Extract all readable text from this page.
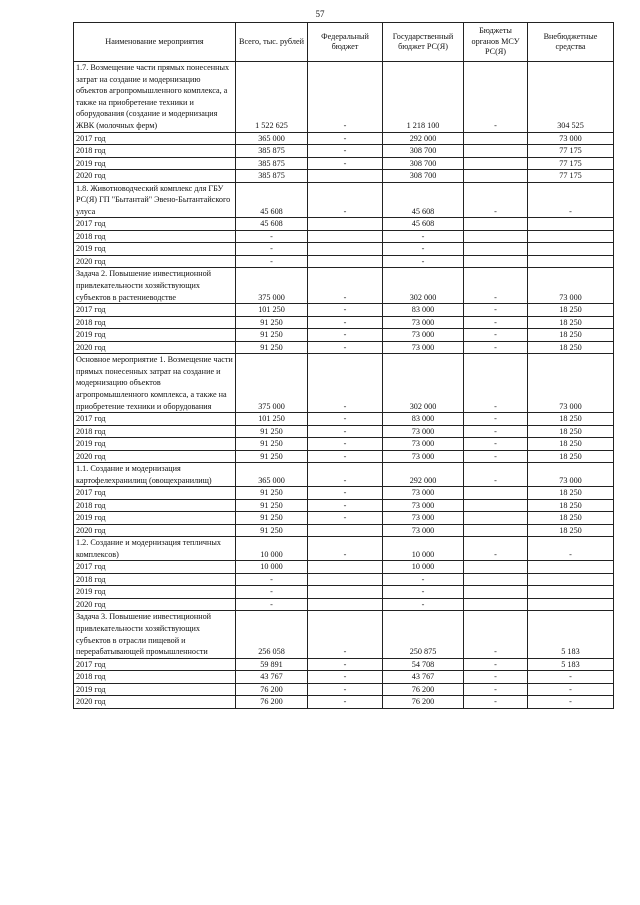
57
Наименование мероприятия	Всего, тыс. рублей	Федеральный бюджет	Государственный бюджет РС(Я)	Бюджеты органов МСУ РС(Я)	Внебюджетные средства
1.7. Возмещение части прямых понесенных затрат на создание и модернизацию объектов агропромышленного комплекса, а также на приобретение техники и оборудования (создание и модернизация ЖВК (молочных ферм)	1 522 625	-	1 218 100	-	304 525
2017 год	365 000	-	292 000		73 000
2018 год	385 875	-	308 700		77 175
2019 год	385 875	-	308 700		77 175
2020 год	385 875		308 700		77 175
1.8. Животноводческий комплекс для ГБУ РС(Я) ГП "Бытантай" Эвено-Бытантайского улуса	45 608	-	45 608	-	-
2017 год	45 608		45 608		
2018 год	-		-		
2019 год	-		-		
2020 год	-		-		
Задача 2. Повышение инвестиционной привлекательности хозяйствующих субъектов в растениеводстве	375 000	-	302 000	-	73 000
2017 год	101 250	-	83 000	-	18 250
2018 год	91 250	-	73 000	-	18 250
2019 год	91 250	-	73 000	-	18 250
2020 год	91 250	-	73 000	-	18 250
Основное мероприятие 1. Возмещение части прямых понесенных затрат на создание и модернизацию объектов агропромышленного комплекса, а также на приобретение техники и оборудования	375 000	-	302 000	-	73 000
2017 год	101 250	-	83 000	-	18 250
2018 год	91 250	-	73 000	-	18 250
2019 год	91 250	-	73 000	-	18 250
2020 год	91 250	-	73 000	-	18 250
1.1. Создание и модернизация картофелехранилищ (овощехранилищ)	365 000	-	292 000	-	73 000
2017 год	91 250	-	73 000		18 250
2018 год	91 250	-	73 000		18 250
2019 год	91 250	-	73 000		18 250
2020 год	91 250		73 000		18 250
1.2. Создание и модернизация тепличных комплексов)	10 000	-	10 000	-	-
2017 год	10 000		10 000		
2018 год	-		-		
2019 год	-		-		
2020 год	-		-		
Задача 3. Повышение инвестиционной привлекательности хозяйствующих субъектов в отрасли пищевой и перерабатывающей промышленности	256 058	-	250 875	-	5 183
2017 год	59 891	-	54 708	-	5 183
2018 год	43 767	-	43 767	-	-
2019 год	76 200	-	76 200	-	-
2020 год	76 200	-	76 200	-	-
